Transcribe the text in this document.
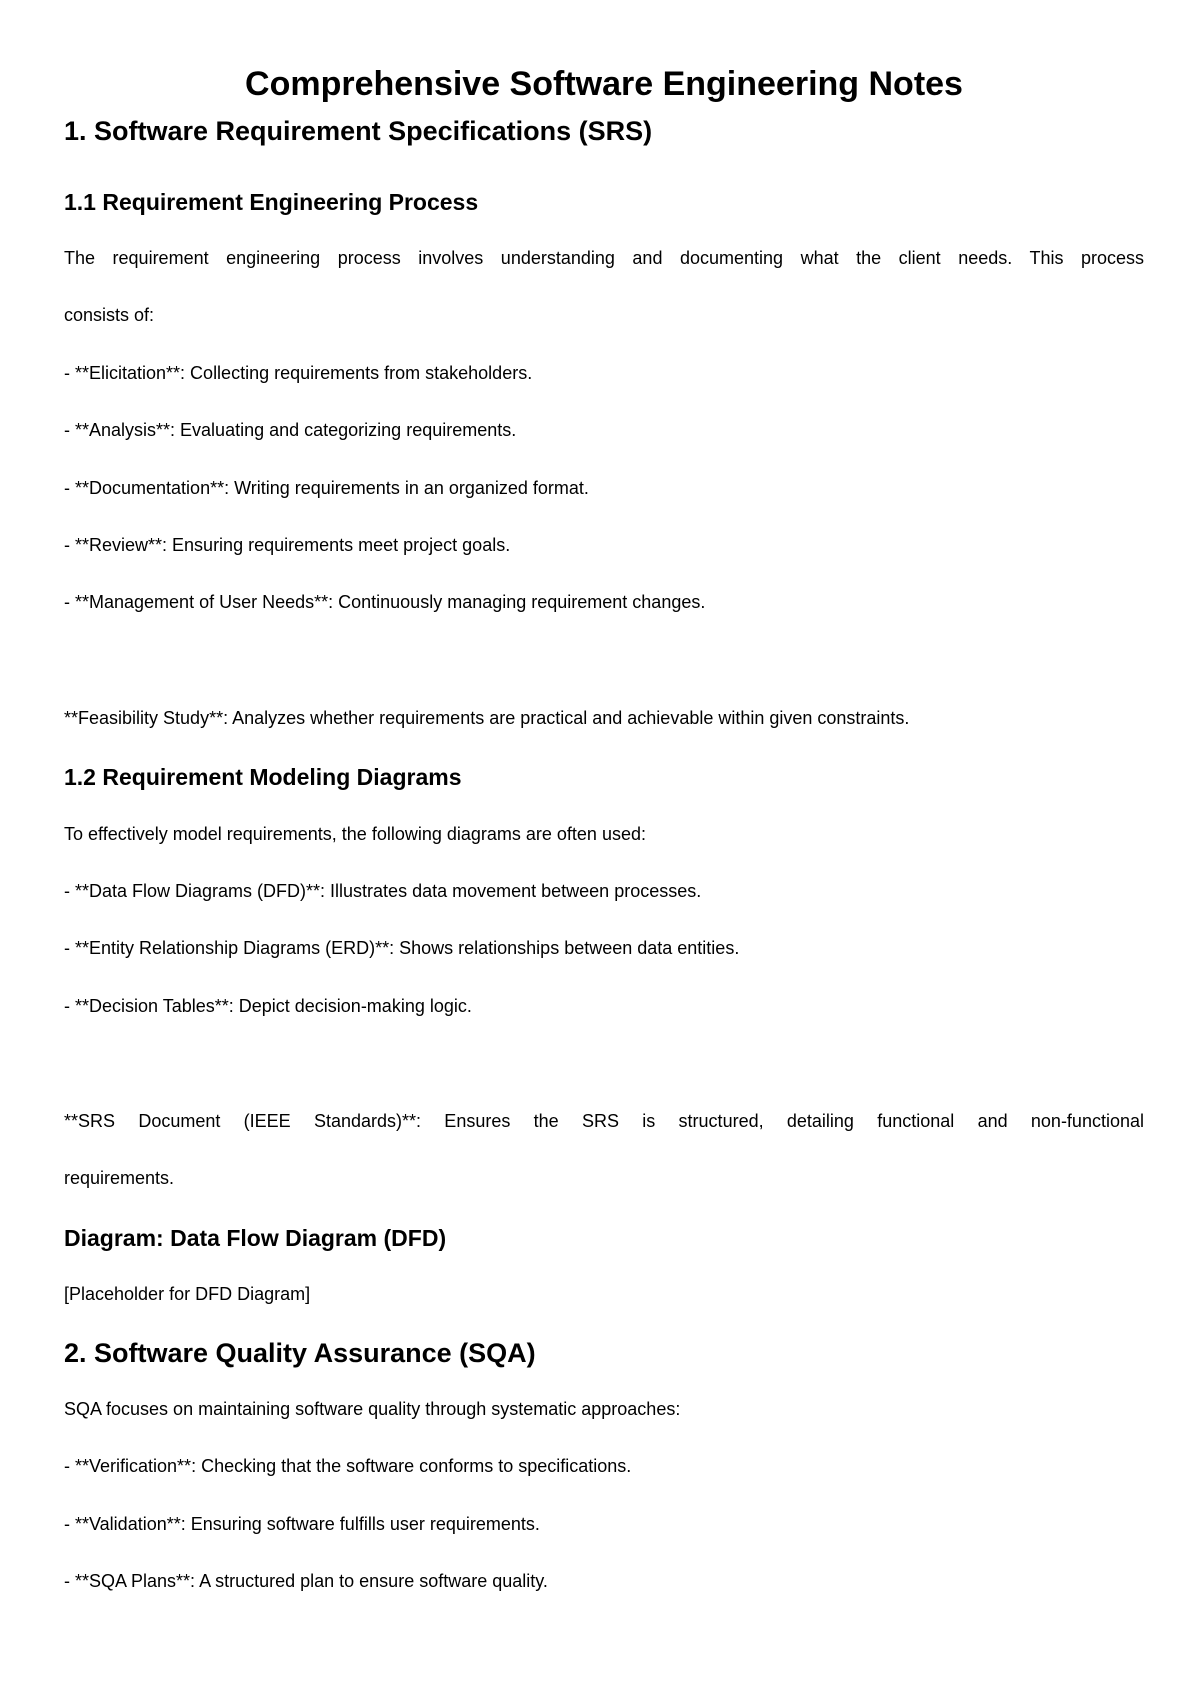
Comprehensive Software Engineering Notes
1. Software Requirement Specifications (SRS)
1.1 Requirement Engineering Process
The requirement engineering process involves understanding and documenting what the client needs. This process
consists of:
- **Elicitation**: Collecting requirements from stakeholders.
- **Analysis**: Evaluating and categorizing requirements.
- **Documentation**: Writing requirements in an organized format.
- **Review**: Ensuring requirements meet project goals.
- **Management of User Needs**: Continuously managing requirement changes.
**Feasibility Study**: Analyzes whether requirements are practical and achievable within given constraints.
1.2 Requirement Modeling Diagrams
To effectively model requirements, the following diagrams are often used:
- **Data Flow Diagrams (DFD)**: Illustrates data movement between processes.
- **Entity Relationship Diagrams (ERD)**: Shows relationships between data entities.
- **Decision Tables**: Depict decision-making logic.
**SRS Document (IEEE Standards)**: Ensures the SRS is structured, detailing functional and non-functional
requirements.
Diagram: Data Flow Diagram (DFD)
[Placeholder for DFD Diagram]
2. Software Quality Assurance (SQA)
SQA focuses on maintaining software quality through systematic approaches:
- **Verification**: Checking that the software conforms to specifications.
- **Validation**: Ensuring software fulfills user requirements.
- **SQA Plans**: A structured plan to ensure software quality.
